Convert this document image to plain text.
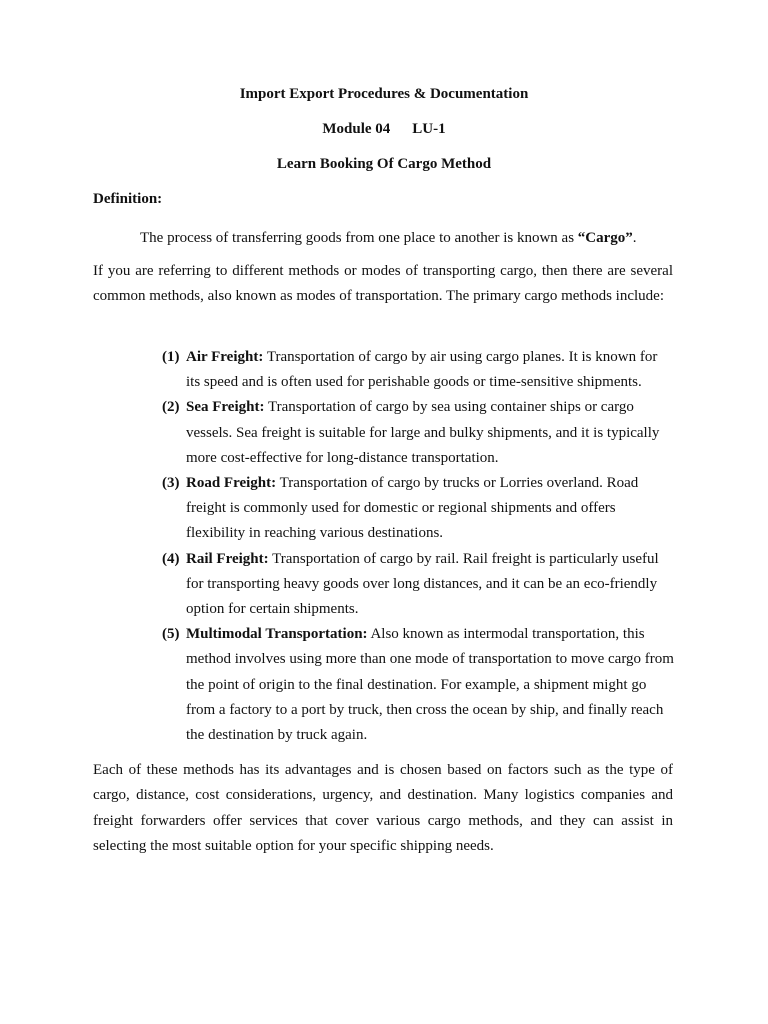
Import Export Procedures & Documentation
Module 04 LU-1
Learn Booking Of Cargo Method
Definition:
The process of transferring goods from one place to another is known as “Cargo”.
If you are referring to different methods or modes of transporting cargo, then there are several common methods, also known as modes of transportation. The primary cargo methods include:
(1) Air Freight: Transportation of cargo by air using cargo planes. It is known for its speed and is often used for perishable goods or time-sensitive shipments.
(2) Sea Freight: Transportation of cargo by sea using container ships or cargo vessels. Sea freight is suitable for large and bulky shipments, and it is typically more cost-effective for long-distance transportation.
(3) Road Freight: Transportation of cargo by trucks or Lorries overland. Road freight is commonly used for domestic or regional shipments and offers flexibility in reaching various destinations.
(4) Rail Freight: Transportation of cargo by rail. Rail freight is particularly useful for transporting heavy goods over long distances, and it can be an eco-friendly option for certain shipments.
(5) Multimodal Transportation: Also known as intermodal transportation, this method involves using more than one mode of transportation to move cargo from the point of origin to the final destination. For example, a shipment might go from a factory to a port by truck, then cross the ocean by ship, and finally reach the destination by truck again.
Each of these methods has its advantages and is chosen based on factors such as the type of cargo, distance, cost considerations, urgency, and destination. Many logistics companies and freight forwarders offer services that cover various cargo methods, and they can assist in selecting the most suitable option for your specific shipping needs.
